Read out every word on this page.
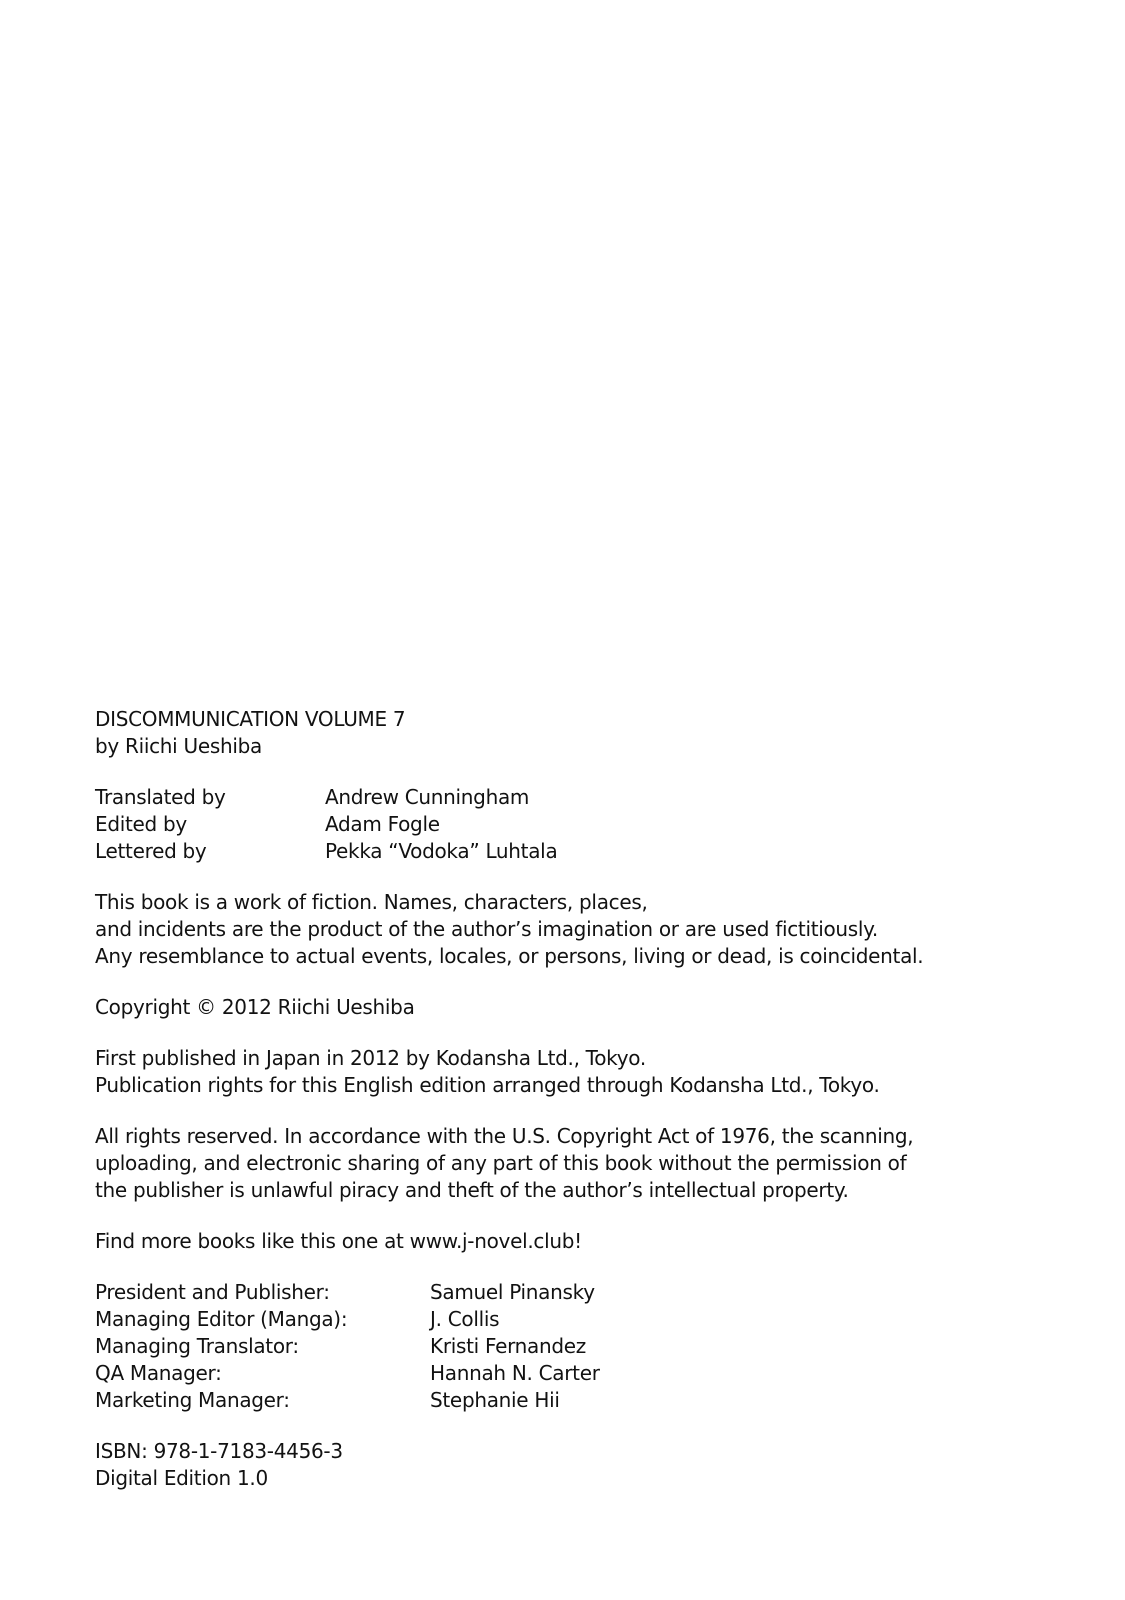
DISCOMMUNICATION VOLUME 7
by Riichi Ueshiba
Translated by	Andrew Cunningham
Edited by	Adam Fogle
Lettered by	Pekka “Vodoka” Luhtala
This book is a work of fiction. Names, characters, places,
and incidents are the product of the author’s imagination or are used fictitiously.
Any resemblance to actual events, locales, or persons, living or dead, is coincidental.
Copyright © 2012 Riichi Ueshiba
First published in Japan in 2012 by Kodansha Ltd., Tokyo.
Publication rights for this English edition arranged through Kodansha Ltd., Tokyo.
All rights reserved. In accordance with the U.S. Copyright Act of 1976, the scanning,
uploading, and electronic sharing of any part of this book without the permission of
the publisher is unlawful piracy and theft of the author’s intellectual property.
Find more books like this one at www.j-novel.club!
President and Publisher:	Samuel Pinansky
Managing Editor (Manga):	J. Collis
Managing Translator:	Kristi Fernandez
QA Manager:	Hannah N. Carter
Marketing Manager:	Stephanie Hii
ISBN: 978-1-7183-4456-3
Digital Edition 1.0
